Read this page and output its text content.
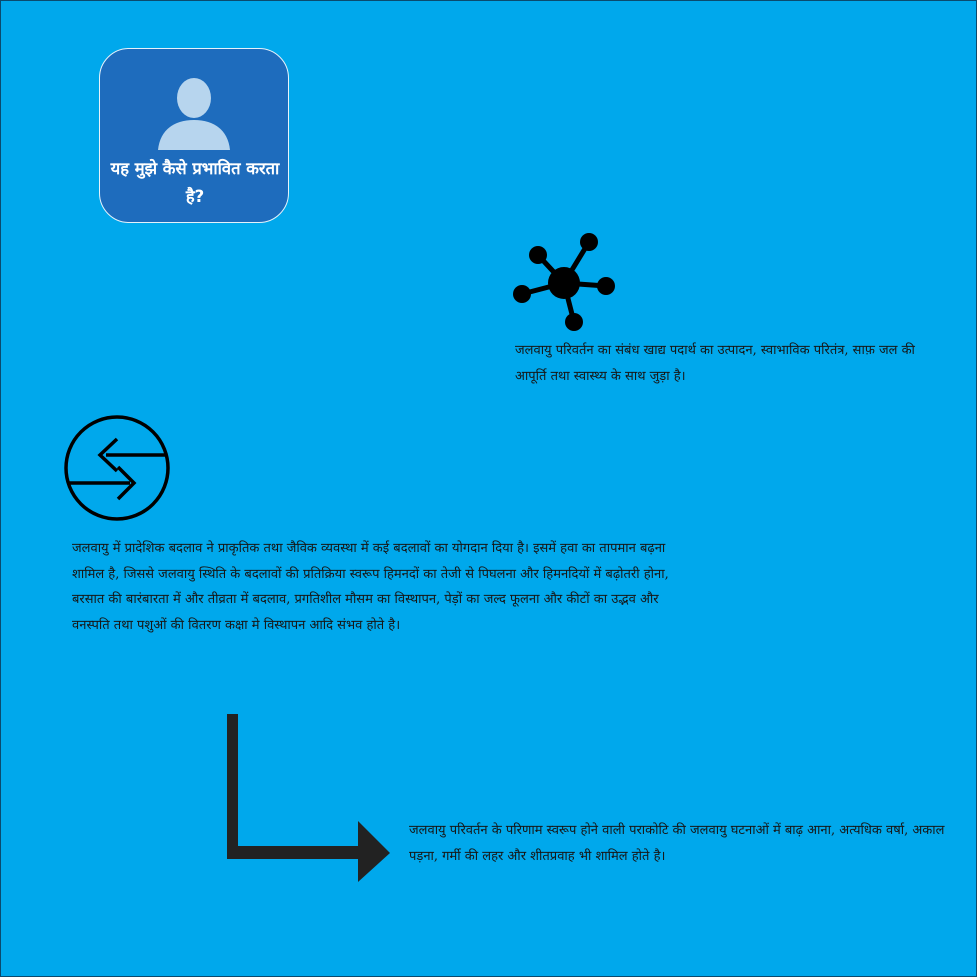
यह मुझे कैसे प्रभावित करता है?
जलवायु परिवर्तन का संबंध खाद्य पदार्थ का उत्पादन, स्वाभाविक परितंत्र, साफ़ जल की आपूर्ति तथा स्वास्थ्य के साथ जुड़ा है।
जलवायु में प्रादेशिक बदलाव ने प्राकृतिक तथा जैविक व्यवस्था में कई बदलावों का योगदान दिया है। इसमें हवा का तापमान बढ़ना शामिल है, जिससे जलवायु स्थिति के बदलावों की प्रतिक्रिया स्वरूप हिमनदों का तेजी से पिघलना और हिमनदियों में बढ़ोतरी होना, बरसात की बारंबारता में और तीव्रता में बदलाव, प्रगतिशील मौसम का विस्थापन, पेड़ों का जल्द फूलना और कीटों का उद्भव और वनस्पति तथा पशुओं की वितरण कक्षा मे विस्थापन आदि संभव होते है।
जलवायु परिवर्तन के परिणाम स्वरूप होने वाली पराकोटि की जलवायु घटनाओं में बाढ़ आना, अत्यधिक वर्षा, अकाल पड़ना, गर्मी की लहर और शीतप्रवाह भी शामिल होते है।
